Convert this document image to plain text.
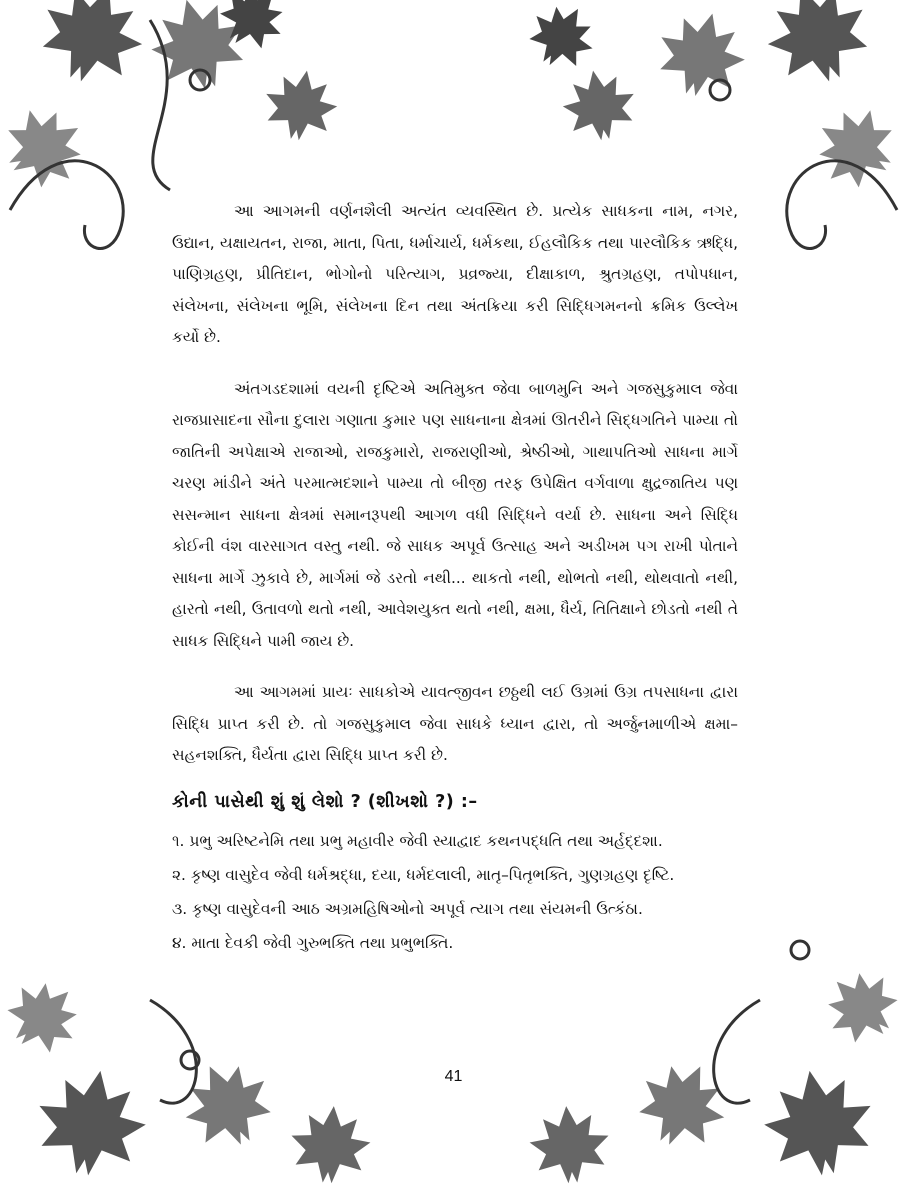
આ આગમની વર્ણનશૈલી અત્યંત વ્યવસ્થિત છે. પ્રત્યેક સાધકના નામ, નગર, ઉદ્યાન, યક્ષાયતન, રાજા, માતા, પિતા, ધર્માચાર્ય, ધર્મકથા, ઈહલૌકિક તથા પારલૌકિક ઋદ્ધિ, પાણિગ્રહણ, પ્રીતિદાન, ભોગોનો પરિત્યાગ, પ્રવ્રજ્યા, દીક્ષાકાળ, શ્રુતગ્રહણ, તપોપધાન, સંલેખના, સંલેખના ભૂમિ, સંલેખના દિન તથા અંતક્રિયા કરી સિદ્ધિગમનનો ક્રમિક ઉલ્લેખ કર્યો છે.

અંતગડદશામાં વયની દૃષ્ટિએ અતિમુક્ત જેવા બાળમુનિ અને ગજસુકુમાલ જેવા રાજપ્રાસાદના સૌના દુલારા ગણાતા કુમાર પણ સાધનાના ક્ષેત્રમાં ઊતરીને સિદ્ધગતિને પામ્યા તો જાતિની અપેક્ષાએ રાજાઓ, રાજકુમારો, રાજરાણીઓ, શ્રેષ્ઠીઓ, ગાથાપતિઓ સાધના માર્ગે ચરણ માંડીને અંતે પરમાત્મદશાને પામ્યા તો બીજી તરફ ઉપેક્ષિત વર્ગવાળા ક્ષુદ્રજાતિય પણ સસન્માન સાધના ક્ષેત્રમાં સમાનરૂપથી આગળ વધી સિદ્ધિને વર્યા છે. સાધના અને સિદ્ધિ કોઈની વંશ વારસાગત વસ્તુ નથી. જે સાધક અપૂર્વ ઉત્સાહ અને અડીખમ પગ રાખી પોતાને સાધના માર્ગે ઝુકાવે છે, માર્ગમાં જે ડરતો નથી... થાકતો નથી, થોભતો નથી, થોથવાતો નથી, હારતો નથી, ઉતાવળો થતો નથી, આવેશયુક્ત થતો નથી, ક્ષમા, ધૈર્ય, તિતિક્ષાને છોડતો નથી તે સાધક સિદ્ધિને પામી જાય છે.

આ આગમમાં પ્રાયઃ સાધકોએ યાવત્જીવન છઠ્ઠથી લઈ ઉગ્રમાં ઉગ્ર તપસાધના દ્વારા સિદ્ધિ પ્રાપ્ત કરી છે. તો ગજસુકુમાલ જેવા સાધકે ધ્યાન દ્વારા, તો અર્જુનમાળીએ ક્ષમા–સહનશક્તિ, ધૈર્યતા દ્વારા સિદ્ધિ પ્રાપ્ત કરી છે.

કોની પાસેથી શું શું લેશો ? (શીખશો ?) :–

૧. પ્રભુ અરિષ્ટનેમિ તથા પ્રભુ મહાવીર જેવી સ્યાદ્વાદ કથનપદ્ધતિ તથા અર્હદ્દશા.

૨. કૃષ્ણ વાસુદેવ જેવી ધર્મશ્રદ્ધા, દયા, ધર્મદલાલી, માતૃ–પિતૃભક્તિ, ગુણગ્રહણ દૃષ્ટિ.

૩. કૃષ્ણ વાસુદેવની આઠ અગ્રમહિષિઓનો અપૂર્વ ત્યાગ તથા સંયમની ઉત્કંઠા.

૪. માતા દેવકી જેવી ગુરુભક્તિ તથા પ્રભુભક્તિ.

41
